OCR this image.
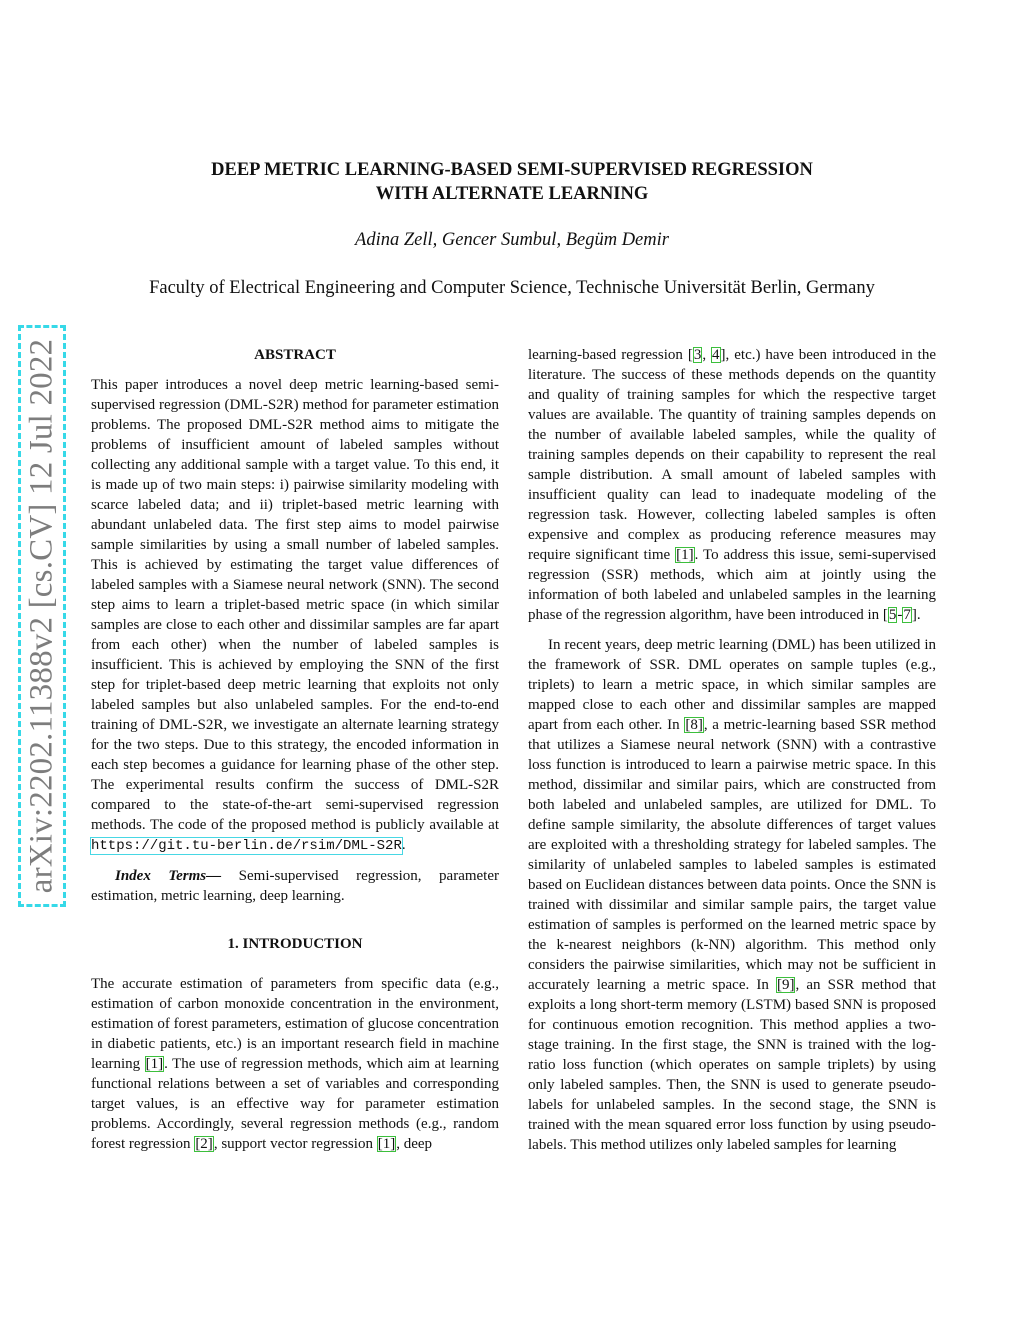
arXiv:2202.11388v2 [cs.CV] 12 Jul 2022
DEEP METRIC LEARNING-BASED SEMI-SUPERVISED REGRESSION
WITH ALTERNATE LEARNING
Adina Zell, Gencer Sumbul, Begüm Demir
Faculty of Electrical Engineering and Computer Science, Technische Universität Berlin, Germany
ABSTRACT

This paper introduces a novel deep metric learning-based semi-supervised regression (DML-S2R) method for parameter estimation problems. The proposed DML-S2R method aims to mitigate the problems of insufficient amount of labeled samples without collecting any additional sample with a target value. To this end, it is made up of two main steps: i) pairwise similarity modeling with scarce labeled data; and ii) triplet-based metric learning with abundant unlabeled data. The first step aims to model pairwise sample similarities by using a small number of labeled samples. This is achieved by estimating the target value differences of labeled samples with a Siamese neural network (SNN). The second step aims to learn a triplet-based metric space (in which similar samples are close to each other and dissimilar samples are far apart from each other) when the number of labeled samples is insufficient. This is achieved by employing the SNN of the first step for triplet-based deep metric learning that exploits not only labeled samples but also unlabeled samples. For the end-to-end training of DML-S2R, we investigate an alternate learning strategy for the two steps. Due to this strategy, the encoded information in each step becomes a guidance for learning phase of the other step. The experimental results confirm the success of DML-S2R compared to the state-of-the-art semi-supervised regression methods. The code of the proposed method is publicly available at https://git.tu-berlin.de/rsim/DML-S2R.

Index Terms— Semi-supervised regression, parameter estimation, metric learning, deep learning.

1. INTRODUCTION

The accurate estimation of parameters from specific data (e.g., estimation of carbon monoxide concentration in the environment, estimation of forest parameters, estimation of glucose concentration in diabetic patients, etc.) is an important research field in machine learning [1]. The use of regression methods, which aim at learning functional relations between a set of variables and corresponding target values, is an effective way for parameter estimation problems. Accordingly, several regression methods (e.g., random forest regression [2], support vector regression [1], deep

learning-based regression [3, 4], etc.) have been introduced in the literature. The success of these methods depends on the quantity and quality of training samples for which the respective target values are available. The quantity of training samples depends on the number of available labeled samples, while the quality of training samples depends on their capability to represent the real sample distribution. A small amount of labeled samples with insufficient quality can lead to inadequate modeling of the regression task. However, collecting labeled samples is often expensive and complex as producing reference measures may require significant time [1]. To address this issue, semi-supervised regression (SSR) methods, which aim at jointly using the information of both labeled and unlabeled samples in the learning phase of the regression algorithm, have been introduced in [5-7].

In recent years, deep metric learning (DML) has been utilized in the framework of SSR. DML operates on sample tuples (e.g., triplets) to learn a metric space, in which similar samples are mapped close to each other and dissimilar samples are mapped apart from each other. In [8], a metric-learning based SSR method that utilizes a Siamese neural network (SNN) with a contrastive loss function is introduced to learn a pairwise metric space. In this method, dissimilar and similar pairs, which are constructed from both labeled and unlabeled samples, are utilized for DML. To define sample similarity, the absolute differences of target values are exploited with a thresholding strategy for labeled samples. The similarity of unlabeled samples to labeled samples is estimated based on Euclidean distances between data points. Once the SNN is trained with dissimilar and similar sample pairs, the target value estimation of samples is performed on the learned metric space by the k-nearest neighbors (k-NN) algorithm. This method only considers the pairwise similarities, which may not be sufficient in accurately learning a metric space. In [9], an SSR method that exploits a long short-term memory (LSTM) based SNN is proposed for continuous emotion recognition. This method applies a two-stage training. In the first stage, the SNN is trained with the log-ratio loss function (which operates on sample triplets) by using only labeled samples. Then, the SNN is used to generate pseudo-labels for unlabeled samples. In the second stage, the SNN is trained with the mean squared error loss function by using pseudo-labels. This method utilizes only labeled samples for learning
